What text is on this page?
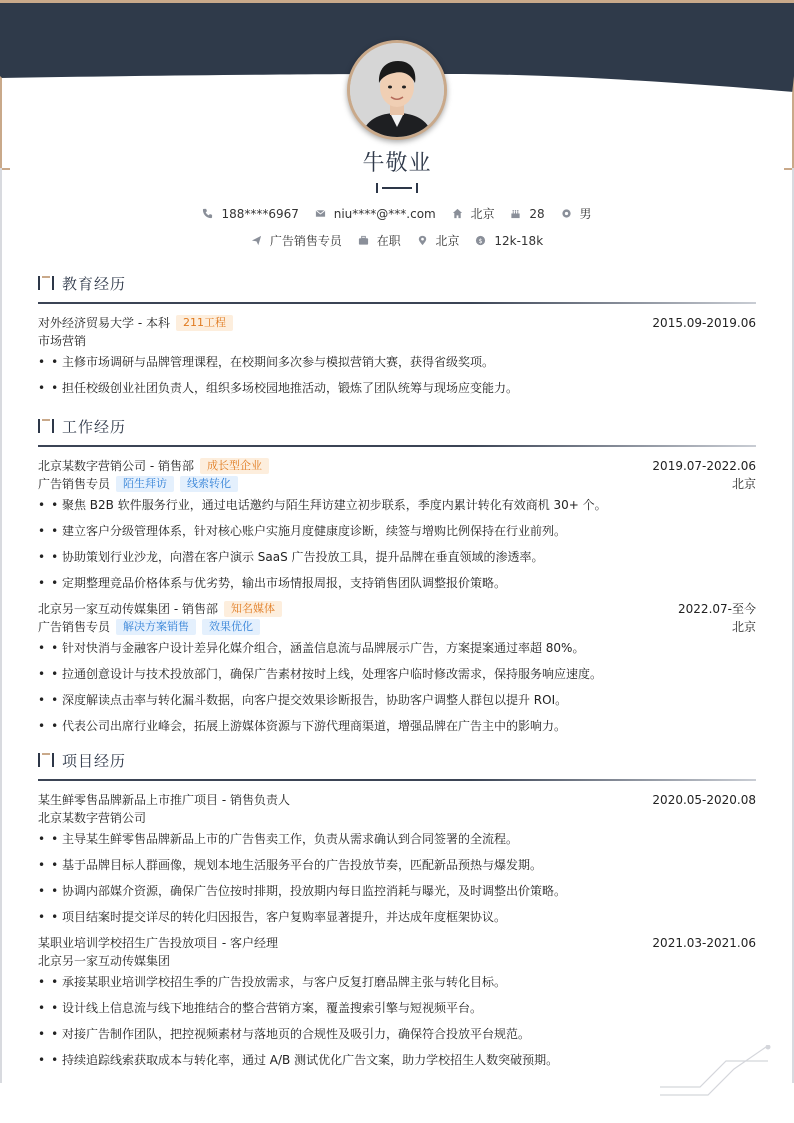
牛敬业
188****6967
	niu****@***.com
	北京
	28
	男
广告销售专员
	在职
	北京
	$ 12k-18k
教育经历
对外经济贸易大学 - 本科	211工程	2015.09-2019.06
市场营销
• • 主修市场调研与品牌管理课程，在校期间多次参与模拟营销大赛，获得省级奖项。
• • 担任校级创业社团负责人，组织多场校园地推活动，锻炼了团队统筹与现场应变能力。
工作经历
北京某数字营销公司 - 销售部	成长型企业	2019.07-2022.06
广告销售专员	陌生拜访	线索转化	北京
• • 聚焦 B2B 软件服务行业，通过电话邀约与陌生拜访建立初步联系，季度内累计转化有效商机 30+ 个。
• • 建立客户分级管理体系，针对核心账户实施月度健康度诊断，续签与增购比例保持在行业前列。
• • 协助策划行业沙龙，向潜在客户演示 SaaS 广告投放工具，提升品牌在垂直领域的渗透率。
• • 定期整理竞品价格体系与优劣势，输出市场情报周报，支持销售团队调整报价策略。
北京另一家互动传媒集团 - 销售部	知名媒体	2022.07-至今
广告销售专员	解决方案销售	效果优化	北京
• • 针对快消与金融客户设计差异化媒介组合，涵盖信息流与品牌展示广告，方案提案通过率超 80%。
• • 拉通创意设计与技术投放部门，确保广告素材按时上线，处理客户临时修改需求，保持服务响应速度。
• • 深度解读点击率与转化漏斗数据，向客户提交效果诊断报告，协助客户调整人群包以提升 ROI。
• • 代表公司出席行业峰会，拓展上游媒体资源与下游代理商渠道，增强品牌在广告主中的影响力。
项目经历
某生鲜零售品牌新品上市推广项目 - 销售负责人	2020.05-2020.08
北京某数字营销公司
• • 主导某生鲜零售品牌新品上市的广告售卖工作，负责从需求确认到合同签署的全流程。
• • 基于品牌目标人群画像，规划本地生活服务平台的广告投放节奏，匹配新品预热与爆发期。
• • 协调内部媒介资源，确保广告位按时排期，投放期内每日监控消耗与曝光，及时调整出价策略。
• • 项目结案时提交详尽的转化归因报告，客户复购率显著提升，并达成年度框架协议。
某职业培训学校招生广告投放项目 - 客户经理	2021.03-2021.06
北京另一家互动传媒集团
• • 承接某职业培训学校招生季的广告投放需求，与客户反复打磨品牌主张与转化目标。
• • 设计线上信息流与线下地推结合的整合营销方案，覆盖搜索引擎与短视频平台。
• • 对接广告制作团队，把控视频素材与落地页的合规性及吸引力，确保符合投放平台规范。
• • 持续追踪线索获取成本与转化率，通过 A/B 测试优化广告文案，助力学校招生人数突破预期。
